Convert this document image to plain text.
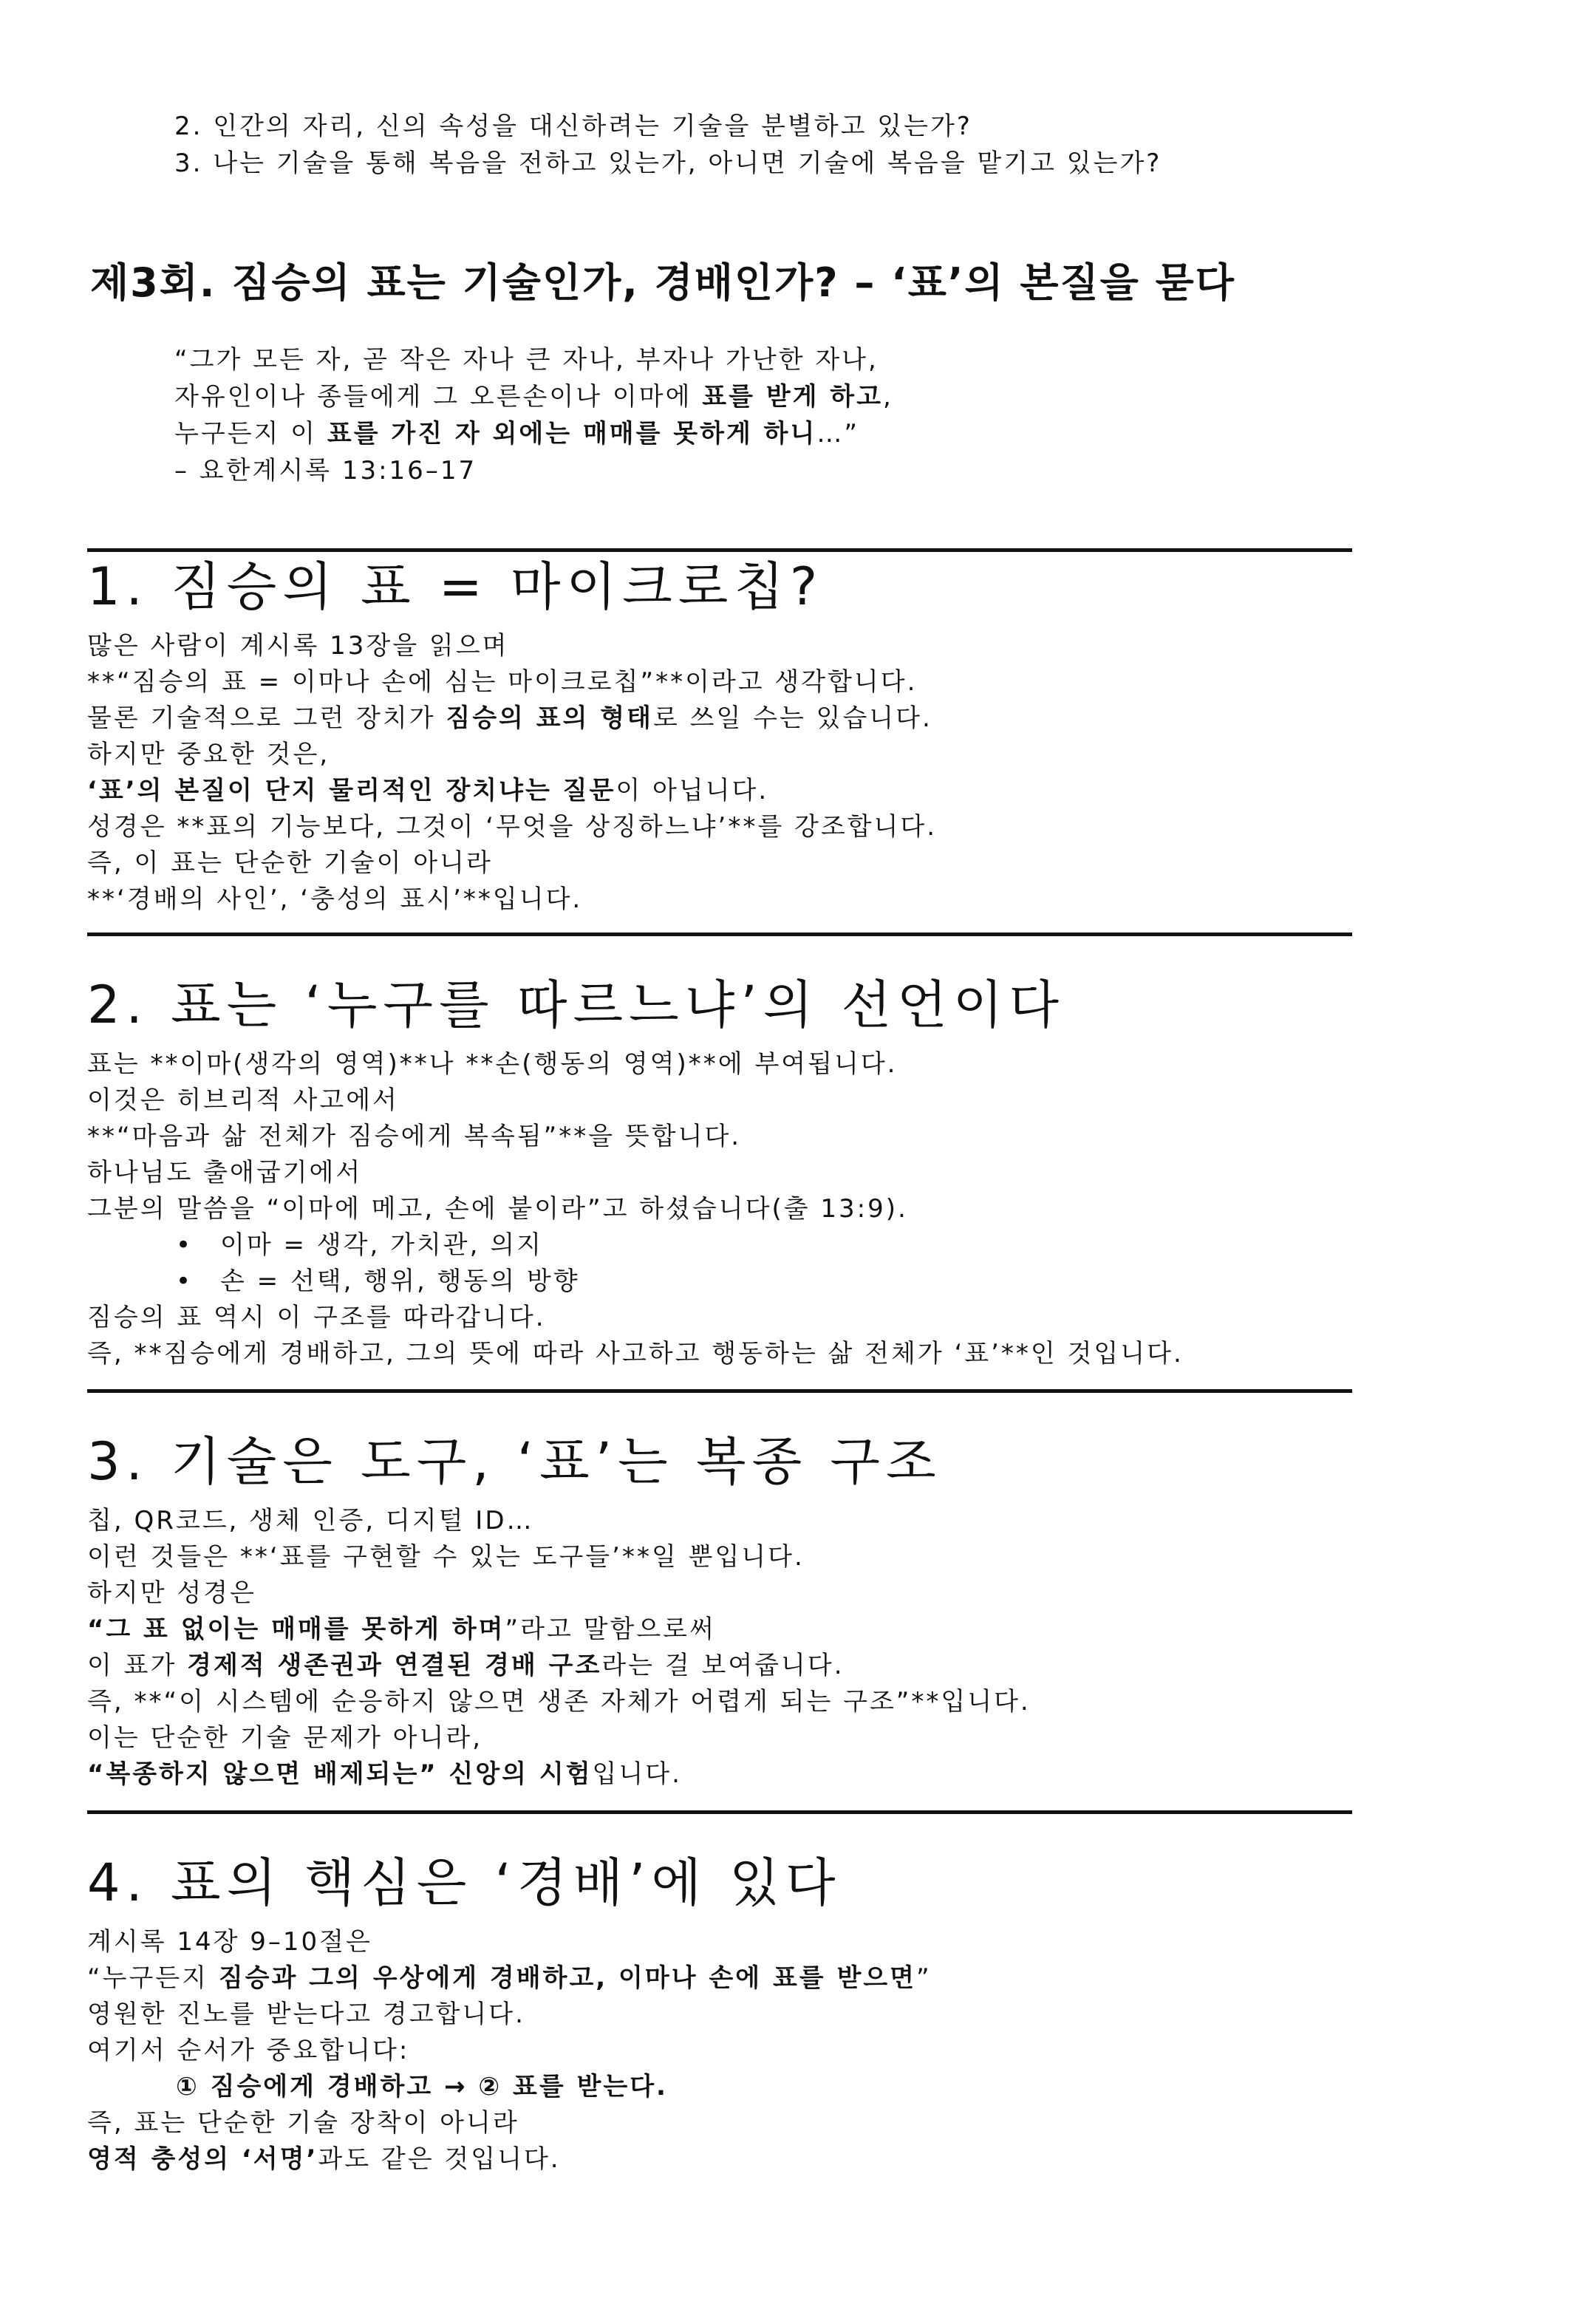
2. 인간의 자리, 신의 속성을 대신하려는 기술을 분별하고 있는가?

3. 나는 기술을 통해 복음을 전하고 있는가, 아니면 기술에 복음을 맡기고 있는가?

제3회. 짐승의 표는 기술인가, 경배인가? – ‘표’의 본질을 묻다

“그가 모든 자, 곧 작은 자나 큰 자나, 부자나 가난한 자나,

자유인이나 종들에게 그 오른손이나 이마에 표를 받게 하고,

누구든지 이 표를 가진 자 외에는 매매를 못하게 하니…”

– 요한계시록 13:16–17

1. 짐승의 표 = 마이크로칩?

많은 사람이 계시록 13장을 읽으며

**“짐승의 표 = 이마나 손에 심는 마이크로칩”**이라고 생각합니다.

물론 기술적으로 그런 장치가 짐승의 표의 형태로 쓰일 수는 있습니다.

하지만 중요한 것은,

‘표’의 본질이 단지 물리적인 장치냐는 질문이 아닙니다.

성경은 **표의 기능보다, 그것이 ‘무엇을 상징하느냐’**를 강조합니다.

즉, 이 표는 단순한 기술이 아니라

**‘경배의 사인’, ‘충성의 표시’**입니다.

2. 표는 ‘누구를 따르느냐’의 선언이다

표는 **이마(생각의 영역)**나 **손(행동의 영역)**에 부여됩니다.

이것은 히브리적 사고에서

**“마음과 삶 전체가 짐승에게 복속됨”**을 뜻합니다.

하나님도 출애굽기에서

그분의 말씀을 “이마에 메고, 손에 붙이라”고 하셨습니다(출 13:9).

• 이마 = 생각, 가치관, 의지

• 손 = 선택, 행위, 행동의 방향

짐승의 표 역시 이 구조를 따라갑니다.

즉, **짐승에게 경배하고, 그의 뜻에 따라 사고하고 행동하는 삶 전체가 ‘표’**인 것입니다.

3. 기술은 도구, ‘표’는 복종 구조

칩, QR코드, 생체 인증, 디지털 ID…

이런 것들은 **‘표를 구현할 수 있는 도구들’**일 뿐입니다.

하지만 성경은

“그 표 없이는 매매를 못하게 하며”라고 말함으로써

이 표가 경제적 생존권과 연결된 경배 구조라는 걸 보여줍니다.

즉, **“이 시스템에 순응하지 않으면 생존 자체가 어렵게 되는 구조”**입니다.

이는 단순한 기술 문제가 아니라,

“복종하지 않으면 배제되는” 신앙의 시험입니다.

4. 표의 핵심은 ‘경배’에 있다

계시록 14장 9–10절은

“누구든지 짐승과 그의 우상에게 경배하고, 이마나 손에 표를 받으면”

영원한 진노를 받는다고 경고합니다.

여기서 순서가 중요합니다:

① 짐승에게 경배하고 → ② 표를 받는다.

즉, 표는 단순한 기술 장착이 아니라

영적 충성의 ‘서명’과도 같은 것입니다.
